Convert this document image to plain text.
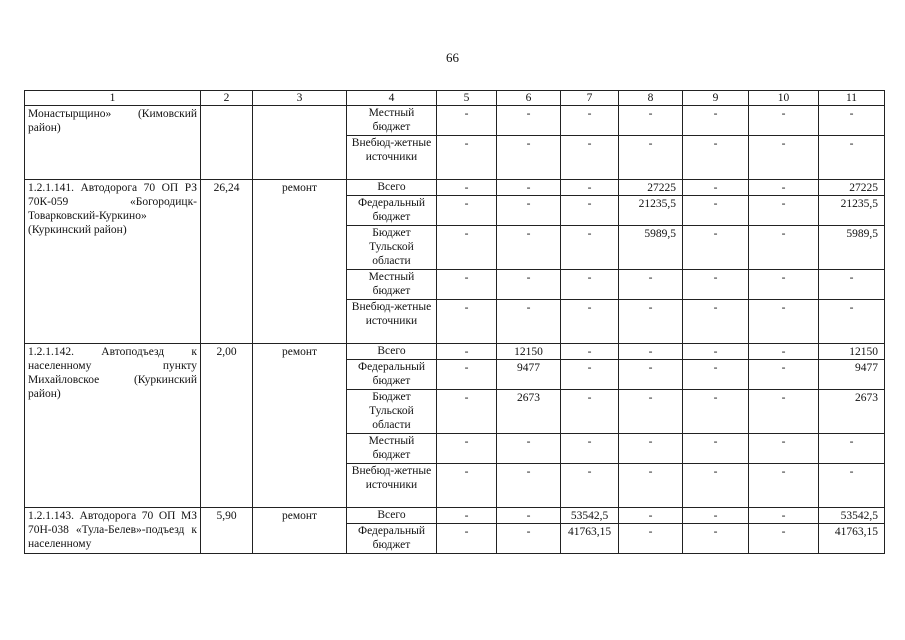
66
1	2	3	4	5	6	7	8	9	10	11
Монастырщино» (Кимовский район)			Местный бюджет	-	-	-	-	-	-	-
			Внебюд-жетные источники	-	-	-	-	-	-	-
1.2.1.141. Автодорога 70 ОП РЗ 70К-059 «Богородицк-Товарковский-Куркино» (Куркинский район)	26,24	ремонт	Всего	-	-	-	27225	-	-	27225
			Федеральный бюджет	-	-	-	21235,5	-	-	21235,5
			Бюджет Тульской области	-	-	-	5989,5	-	-	5989,5
			Местный бюджет	-	-	-	-	-	-	-
			Внебюд-жетные источники	-	-	-	-	-	-	-
1.2.1.142. Автоподъезд к населенному пункту Михайловское (Куркинский район)	2,00	ремонт	Всего	-	12150	-	-	-	-	12150
			Федеральный бюджет	-	9477	-	-	-	-	9477
			Бюджет Тульской области	-	2673	-	-	-	-	2673
			Местный бюджет	-	-	-	-	-	-	-
			Внебюд-жетные источники	-	-	-	-	-	-	-
1.2.1.143. Автодорога 70 ОП МЗ 70Н-038 «Тула-Белев»-подъезд к населенному	5,90	ремонт	Всего	-	-	53542,5	-	-	-	53542,5
			Федеральный бюджет	-	-	41763,15	-	-	-	41763,15
